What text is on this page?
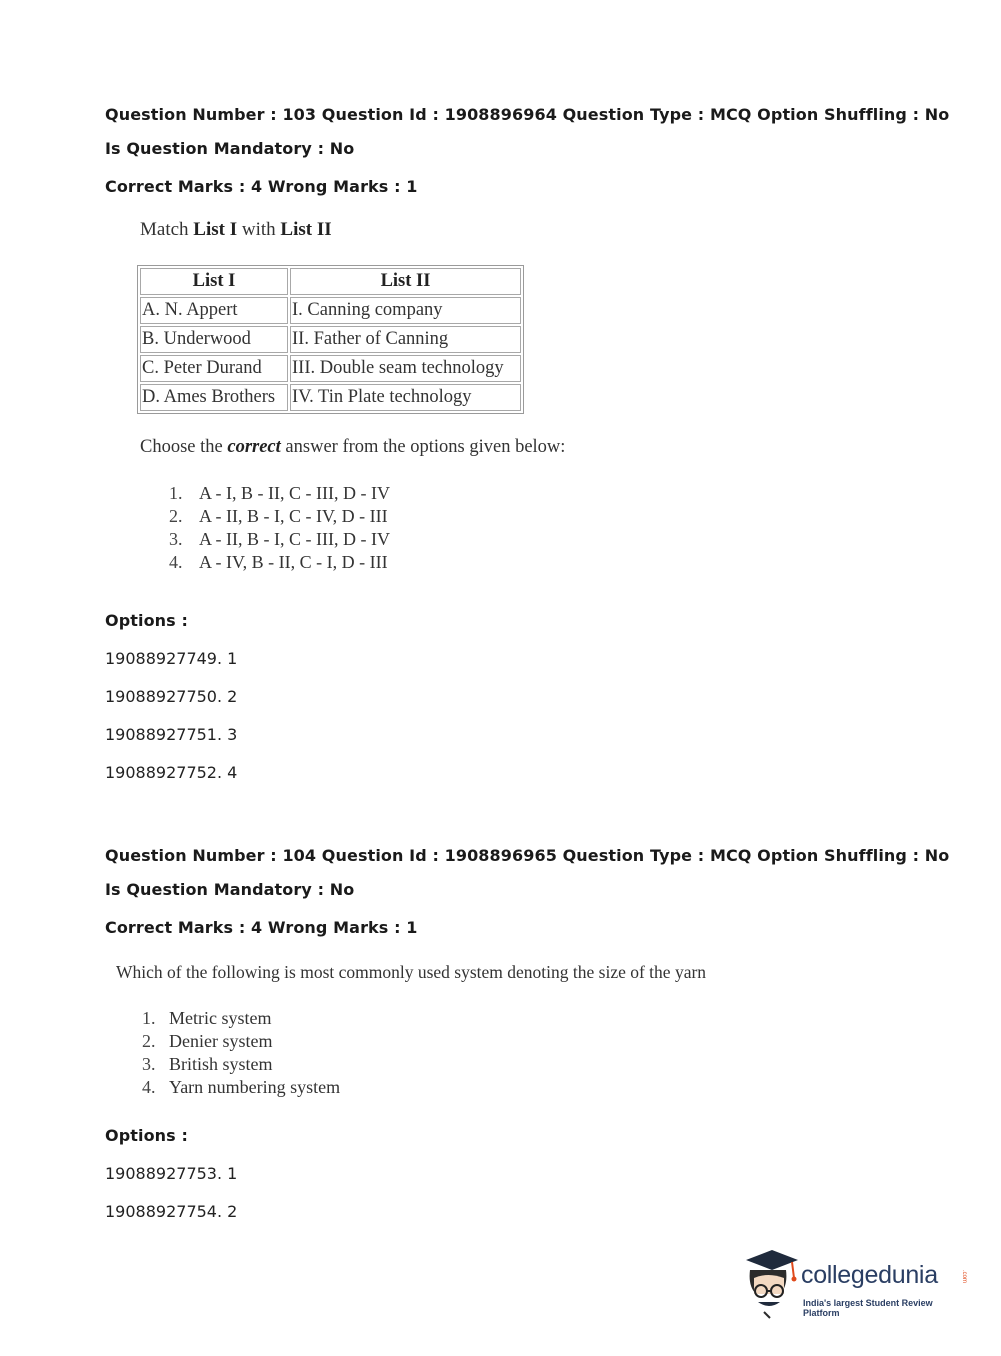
Question Number : 103 Question Id : 1908896964 Question Type : MCQ Option Shuffling : No
Is Question Mandatory : No
Correct Marks : 4 Wrong Marks : 1
Match List I with List II
List I	List II
A. N. Appert	I. Canning company
B. Underwood	II. Father of Canning
C. Peter Durand	III. Double seam technology
D. Ames Brothers	IV. Tin Plate technology
Choose the correct answer from the options given below:
1. A - I, B - II, C - III, D - IV
2. A - II, B - I, C - IV, D - III
3. A - II, B - I, C - III, D - IV
4. A - IV, B - II, C - I, D - III
Options :
19088927749. 1
19088927750. 2
19088927751. 3
19088927752. 4
Question Number : 104 Question Id : 1908896965 Question Type : MCQ Option Shuffling : No
Is Question Mandatory : No
Correct Marks : 4 Wrong Marks : 1
Which of the following is most commonly used system denoting the size of the yarn
1. Metric system
2. Denier system
3. British system
4. Yarn numbering system
Options :
19088927753. 1
19088927754. 2
collegedunia	.com
India's largest Student Review Platform
